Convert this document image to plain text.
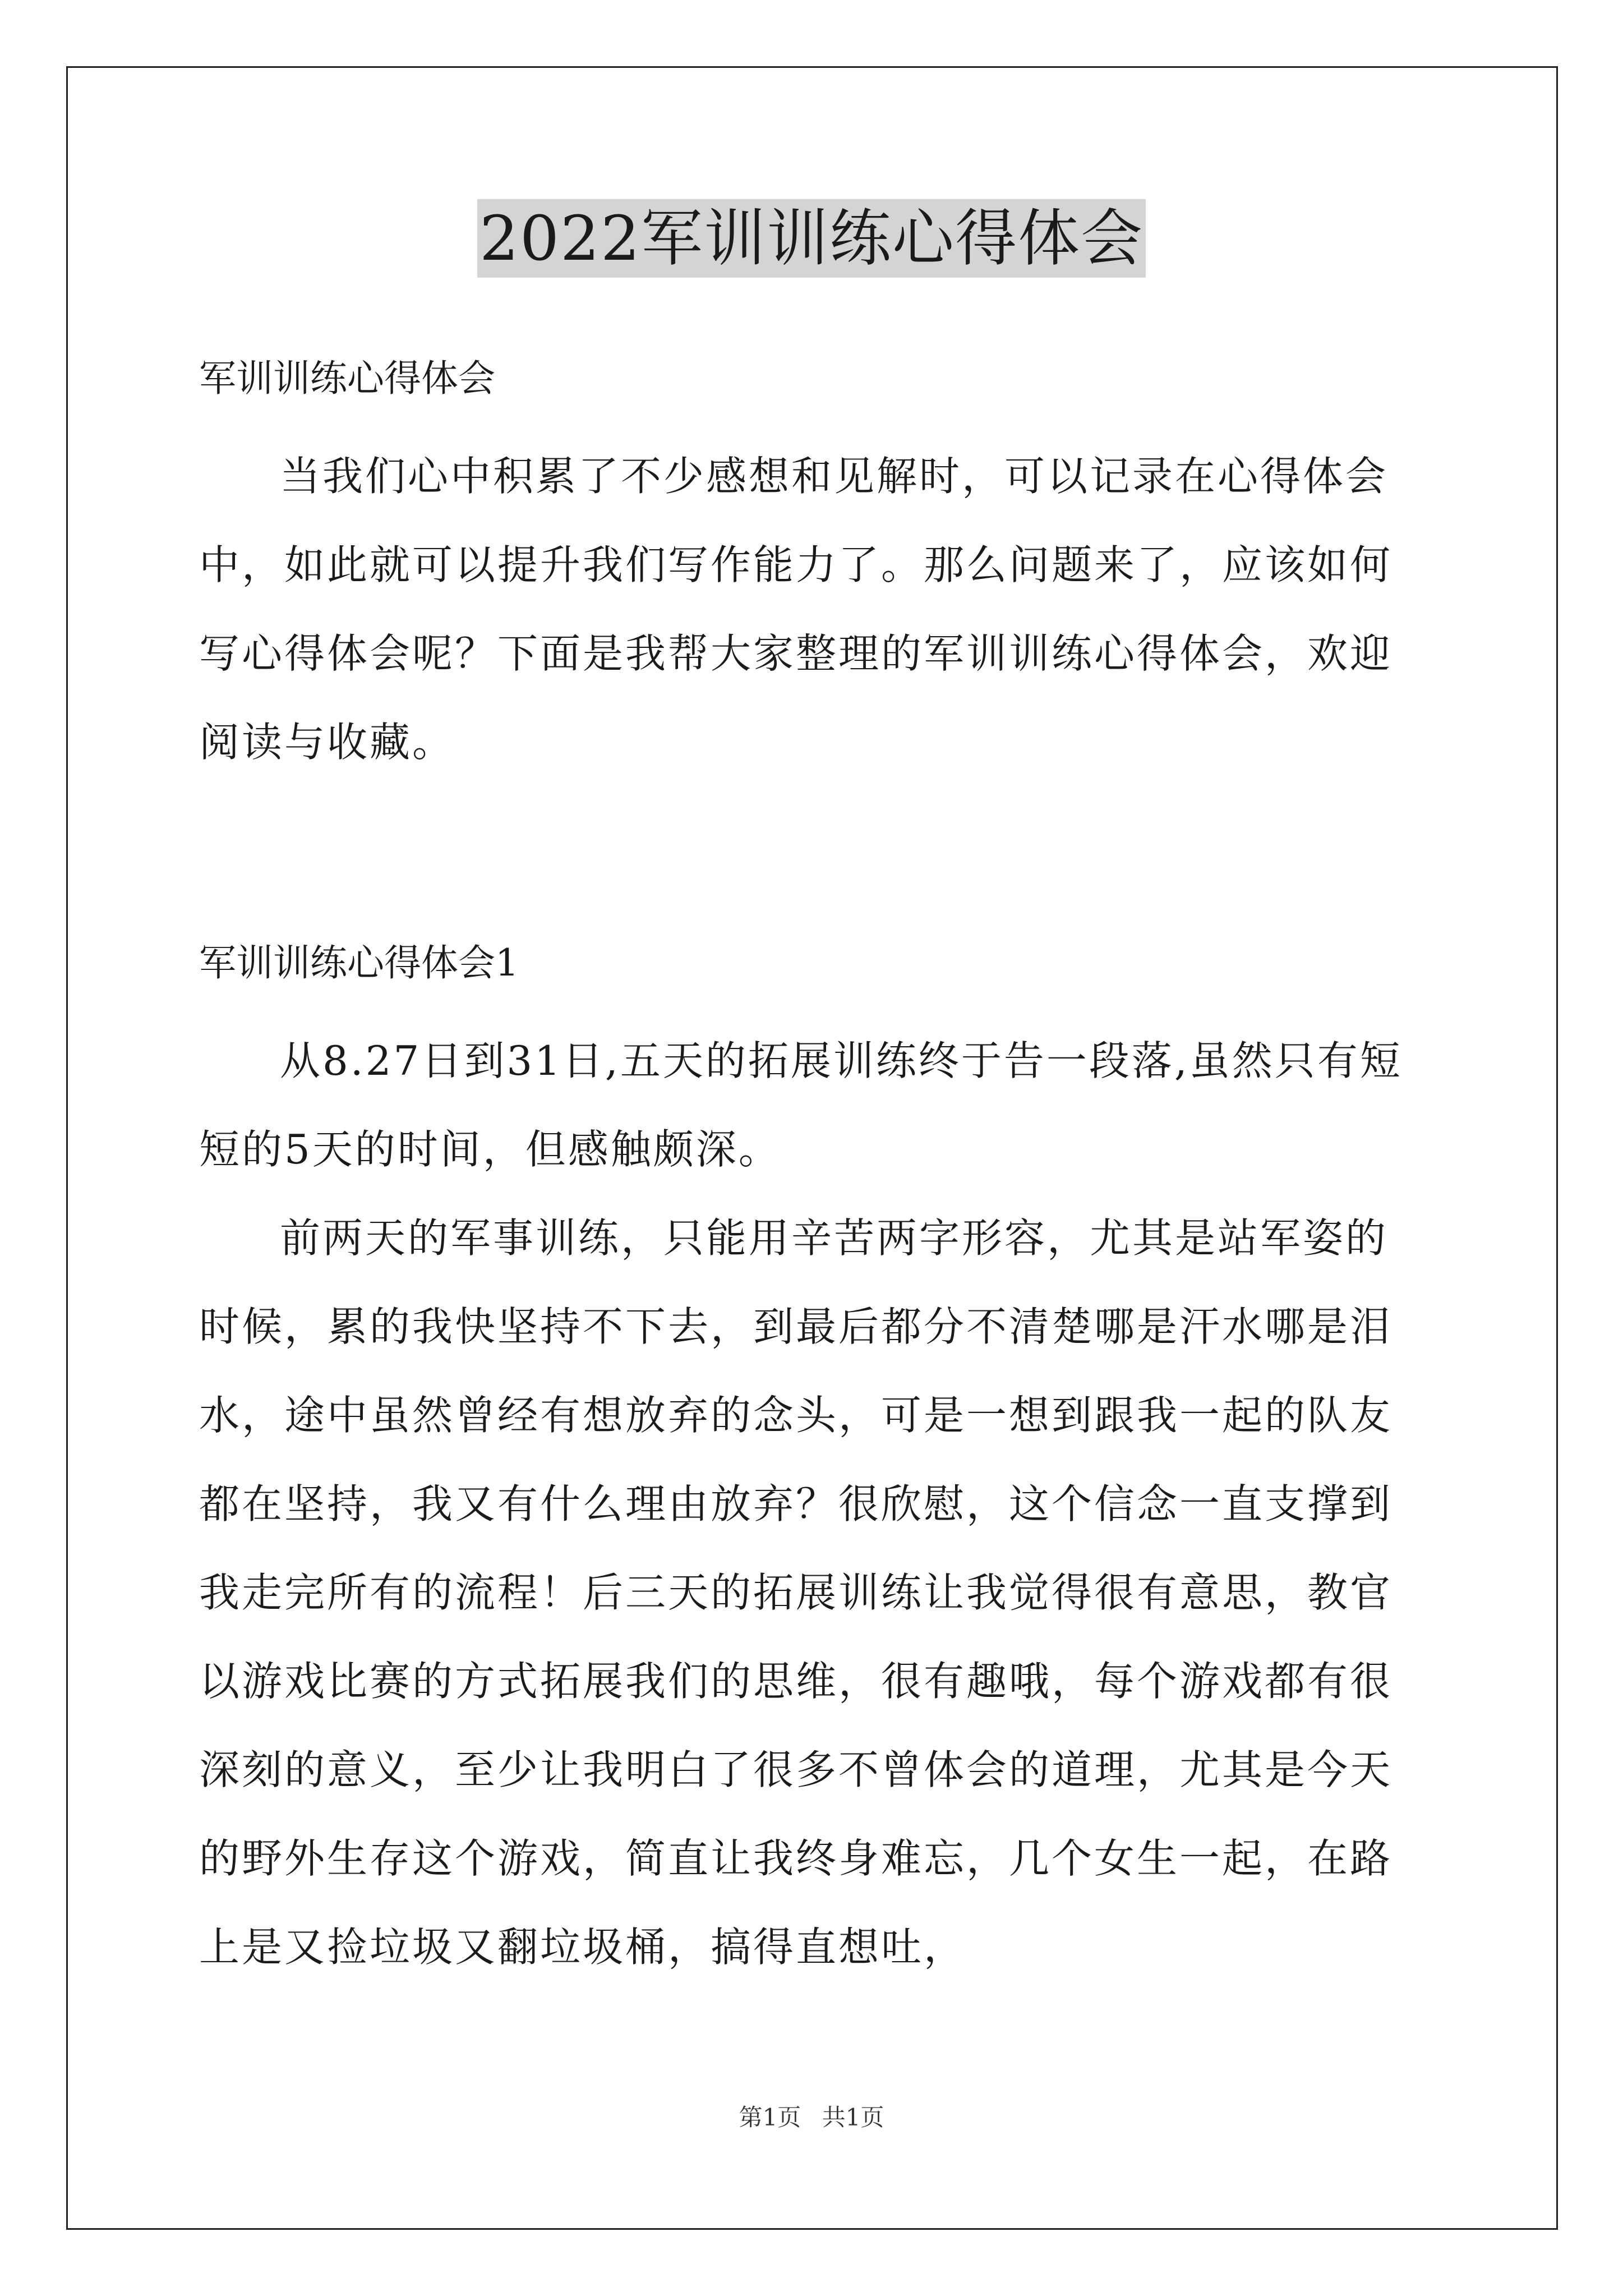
2022军训训练心得体会

军训训练心得体会

当我们心中积累了不少感想和见解时，可以记录在心得体会中，如此就可以提升我们写作能力了。那么问题来了，应该如何写心得体会呢？下面是我帮大家整理的军训训练心得体会，欢迎阅读与收藏。

军训训练心得体会1

从8.27日到31日,五天的拓展训练终于告一段落,虽然只有短短的5天的时间，但感触颇深。

前两天的军事训练，只能用辛苦两字形容，尤其是站军姿的时候，累的我快坚持不下去，到最后都分不清楚哪是汗水哪是泪水，途中虽然曾经有想放弃的念头，可是一想到跟我一起的队友都在坚持，我又有什么理由放弃？很欣慰，这个信念一直支撑到我走完所有的流程！后三天的拓展训练让我觉得很有意思，教官以游戏比赛的方式拓展我们的思维，很有趣哦，每个游戏都有很深刻的意义，至少让我明白了很多不曾体会的道理，尤其是今天的野外生存这个游戏，简直让我终身难忘，几个女生一起，在路上是又捡垃圾又翻垃圾桶，搞得直想吐，

第1页 共1页
